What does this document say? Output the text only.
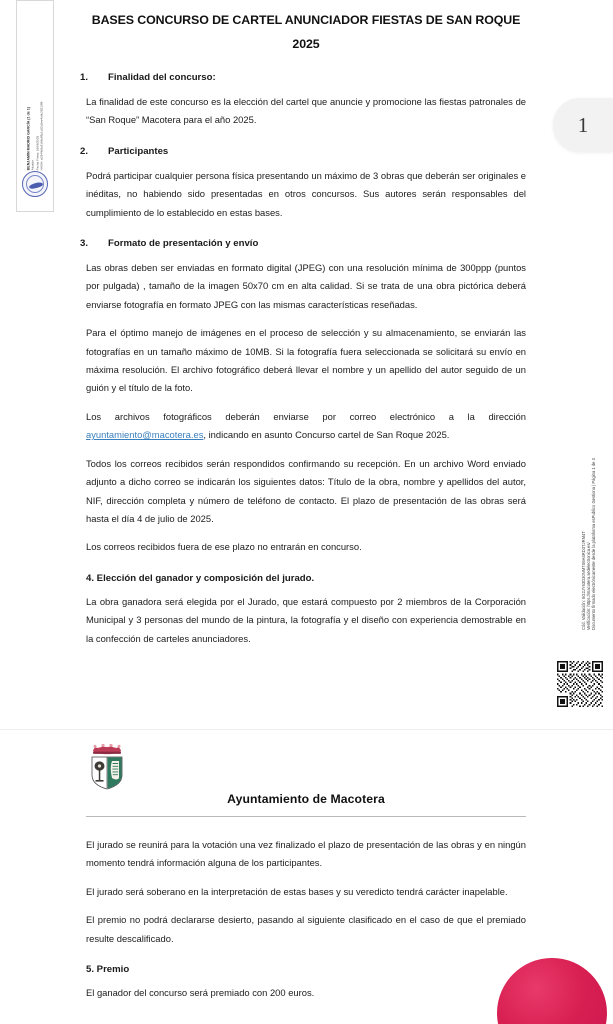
BENJAMIN MADRID GARCÍA (1 de 1) Alcalde Fecha Firma: 16/06/2025 HASH: a0344b3c9166c85c1c52c5ee4e9c2521/88
Cód. Validación: 6G2JY63D30NM7S6H4RD3TJRM4T Verificación: https://macotera.sedelectronica.es/ Documento firmado electrónicamente desde la plataforma esPublico Gestiona | Página 1 de 3
1
BASES CONCURSO DE CARTEL ANUNCIADOR FIESTAS DE SAN ROQUE 2025
1. Finalidad del concurso:

La finalidad de este concurso es la elección del cartel que anuncie y promocione las fiestas patronales de “San Roque” Macotera para el año 2025.

2. Participantes

Podrá participar cualquier persona física presentando un máximo de 3 obras que deberán ser originales e inéditas, no habiendo sido presentadas en otros concursos. Sus autores serán responsables del cumplimiento de lo establecido en estas bases.

3. Formato de presentación y envío

Las obras deben ser enviadas en formato digital (JPEG) con una resolución mínima de 300ppp (puntos por pulgada) , tamaño de la imagen 50x70 cm en alta calidad. Si se trata de una obra pictórica deberá enviarse fotografía en formato JPEG con las mismas características reseñadas.

Para el óptimo manejo de imágenes en el proceso de selección y su almacenamiento, se enviarán las fotografías en un tamaño máximo de 10MB. Si la fotografía fuera seleccionada se solicitará su envío en máxima resolución. El archivo fotográfico deberá llevar el nombre y un apellido del autor seguido de un guión y el título de la foto.

Los archivos fotográficos deberán enviarse por correo electrónico a la dirección ayuntamiento@macotera.es, indicando en asunto Concurso cartel de San Roque 2025.

Todos los correos recibidos serán respondidos confirmando su recepción. En un archivo Word enviado adjunto a dicho correo se indicarán los siguientes datos: Título de la obra, nombre y apellidos del autor, NIF, dirección completa y número de teléfono de contacto. El plazo de presentación de las obras será hasta el día 4 de julio de 2025.

Los correos recibidos fuera de ese plazo no entrarán en concurso.

4. Elección del ganador y composición del jurado.

La obra ganadora será elegida por el Jurado, que estará compuesto por 2 miembros de la Corporación Municipal y 3 personas del mundo de la pintura, la fotografía y el diseño con experiencia demostrable en la confección de carteles anunciadores.

Ayuntamiento de Macotera

El jurado se reunirá para la votación una vez finalizado el plazo de presentación de las obras y en ningún momento tendrá información alguna de los participantes.

El jurado será soberano en la interpretación de estas bases y su veredicto tendrá carácter inapelable.

El premio no podrá declararse desierto, pasando al siguiente clasificado en el caso de que el premiado resulte descalificado.

5. Premio

El ganador del concurso será premiado con 200 euros.
